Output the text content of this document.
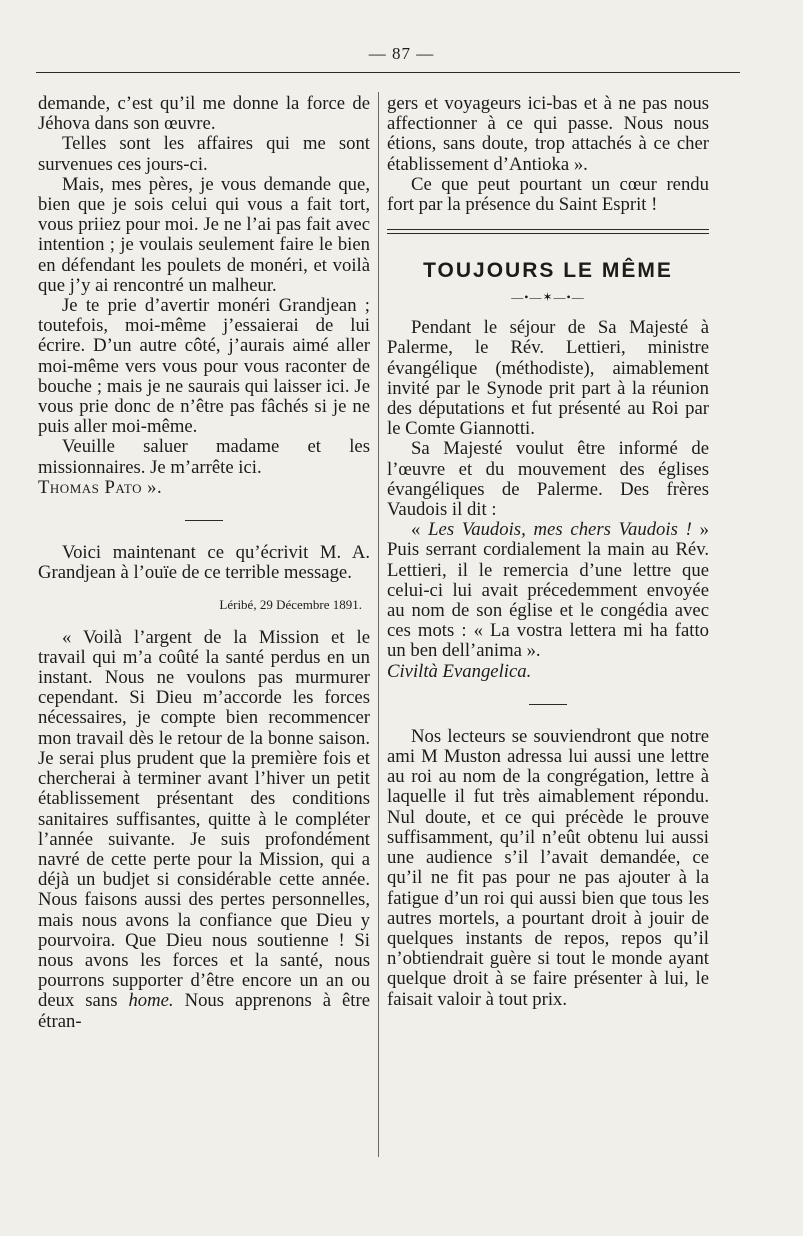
— 87 —

demande, c’est qu’il me donne la force de Jéhova dans son œuvre.

Telles sont les affaires qui me sont survenues ces jours-ci.

Mais, mes pères, je vous demande que, bien que je sois celui qui vous a fait tort, vous priiez pour moi. Je ne l’ai pas fait avec intention ; je voulais seulement faire le bien en défendant les poulets de monéri, et voilà que j’y ai rencontré un malheur.

Je te prie d’avertir monéri Grandjean ; toutefois, moi-même j’essaierai de lui écrire. D’un autre côté, j’aurais aimé aller moi-même vers vous pour vous raconter de bouche ; mais je ne saurais qui laisser ici. Je vous prie donc de n’être pas fâchés si je ne puis aller moi-même.

Veuille saluer madame et les missionnaires. Je m’arrête ici.

Thomas Pato ».

Voici maintenant ce qu’écrivit M. A. Grandjean à l’ouïe de ce terrible message.

Léribé, 29 Décembre 1891.

« Voilà l’argent de la Mission et le travail qui m’a coûté la santé perdus en un instant. Nous ne voulons pas murmurer cependant. Si Dieu m’accorde les forces nécessaires, je compte bien recommencer mon travail dès le retour de la bonne saison. Je serai plus prudent que la première fois et chercherai à terminer avant l’hiver un petit établissement présentant des conditions sanitaires suffisantes, quitte à le compléter l’année suivante. Je suis profondément navré de cette perte pour la Mission, qui a déjà un budjet si considérable cette année. Nous faisons aussi des pertes personnelles, mais nous avons la confiance que Dieu y pourvoira. Que Dieu nous soutienne ! Si nous avons les forces et la santé, nous pourrons supporter d’être encore un an ou deux sans home. Nous apprenons à être étran-

gers et voyageurs ici-bas et à ne pas nous affectionner à ce qui passe. Nous nous étions, sans doute, trop attachés à ce cher établissement d’Antioka ».

Ce que peut pourtant un cœur rendu fort par la présence du Saint Esprit !

TOUJOURS LE MÊME
—•—✶—•—

Pendant le séjour de Sa Majesté à Palerme, le Rév. Lettieri, ministre évangélique (méthodiste), aimablement invité par le Synode prit part à la réunion des députations et fut présenté au Roi par le Comte Giannotti.

Sa Majesté voulut être informé de l’œuvre et du mouvement des églises évangéliques de Palerme. Des frères Vaudois il dit :

« Les Vaudois, mes chers Vaudois ! » Puis serrant cordialement la main au Rév. Lettieri, il le remercia d’une lettre que celui-ci lui avait précedemment envoyée au nom de son église et le congédia avec ces mots : « La vostra lettera mi ha fatto un ben dell’anima ».

Civiltà Evangelica.

Nos lecteurs se souviendront que notre ami M Muston adressa lui aussi une lettre au roi au nom de la congrégation, lettre à laquelle il fut très aimablement répondu. Nul doute, et ce qui précède le prouve suffisamment, qu’il n’eût obtenu lui aussi une audience s’il l’avait demandée, ce qu’il ne fit pas pour ne pas ajouter à la fatigue d’un roi qui aussi bien que tous les autres mortels, a pourtant droit à jouir de quelques instants de repos, repos qu’il n’obtiendrait guère si tout le monde ayant quelque droit à se faire présenter à lui, le faisait valoir à tout prix.
